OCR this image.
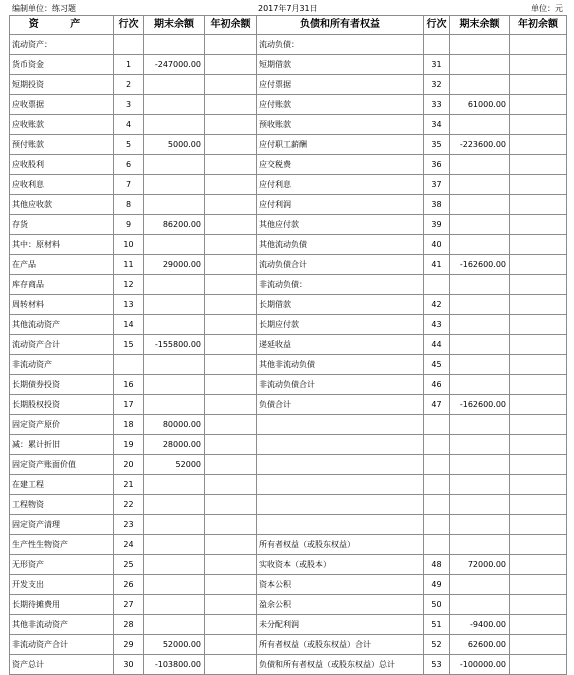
编制单位：练习题	2017年7月31日	单位：元
资 产	行次	期末余额	年初余额	负债和所有者权益	行次	期末余额	年初余额
流动资产：				流动负债：			
货币资金	1	-247000.00		短期借款	31		
短期投资	2			应付票据	32		
应收票据	3			应付账款	33	61000.00	
应收账款	4			预收账款	34		
预付账款	5	5000.00		应付职工薪酬	35	-223600.00	
应收股利	6			应交税费	36		
应收利息	7			应付利息	37		
其他应收款	8			应付利润	38		
存货	9	86200.00		其他应付款	39		
其中：原材料	10			其他流动负债	40		
在产品	11	29000.00		流动负债合计	41	-162600.00	
库存商品	12			非流动负债：			
周转材料	13			长期借款	42		
其他流动资产	14			长期应付款	43		
流动资产合计	15	-155800.00		递延收益	44		
非流动资产				其他非流动负债	45		
长期债券投资	16			非流动负债合计	46		
长期股权投资	17			负债合计	47	-162600.00	
固定资产原价	18	80000.00					
减：累计折旧	19	28000.00					
固定资产账面价值	20	52000					
在建工程	21						
工程物资	22						
固定资产清理	23						
生产性生物资产	24			所有者权益（或股东权益）			
无形资产	25			实收资本（或股本）	48	72000.00	
开发支出	26			资本公积	49		
长期待摊费用	27			盈余公积	50		
其他非流动资产	28			未分配利润	51	-9400.00	
非流动资产合计	29	52000.00		所有者权益（或股东权益）合计	52	62600.00	
资产总计	30	-103800.00		负债和所有者权益（或股东权益）总计	53	-100000.00	
